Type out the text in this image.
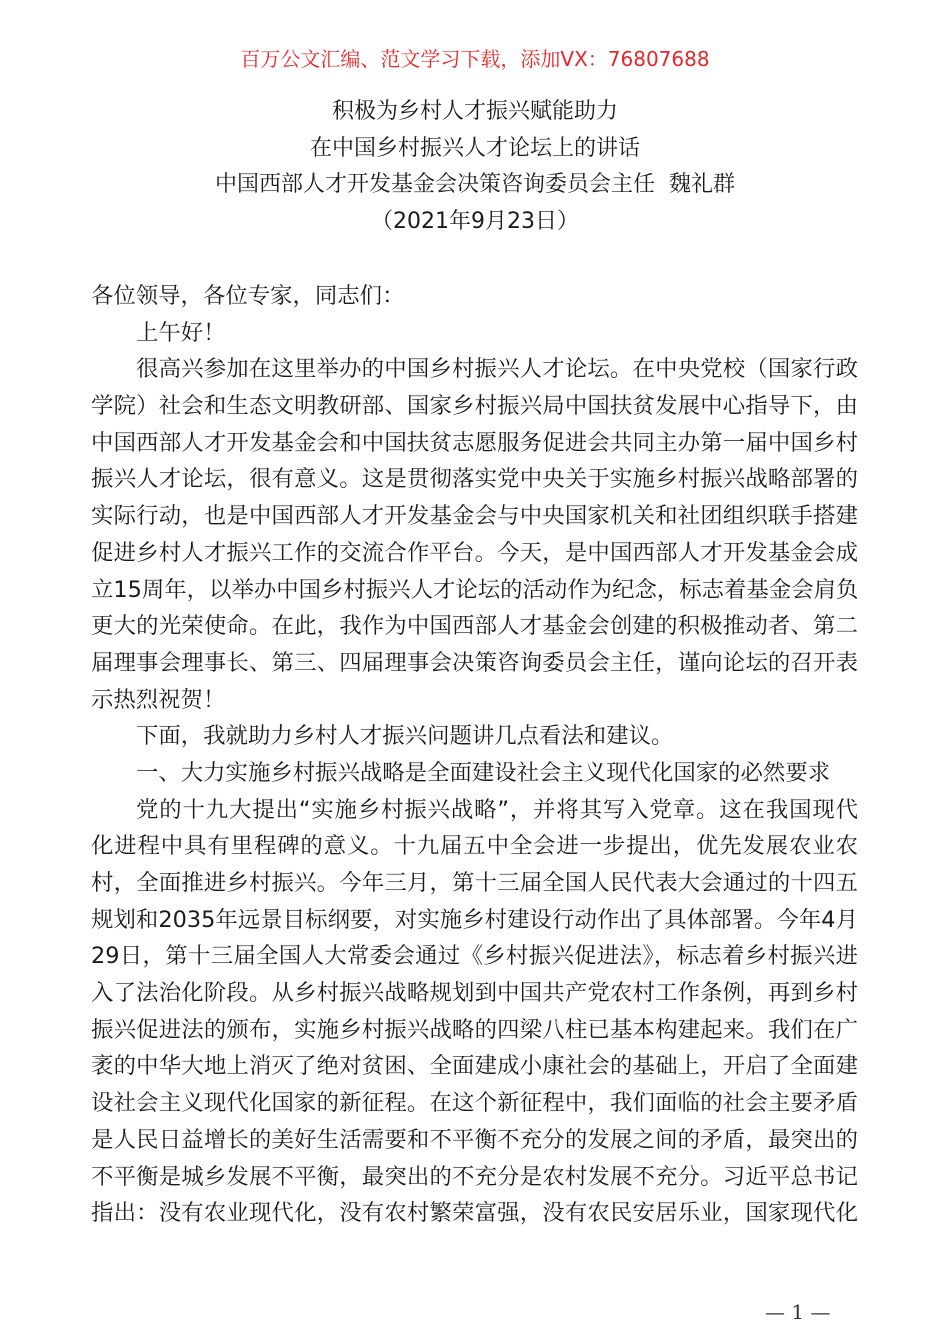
百万公文汇编、范文学习下载，添加VX：76807688
积极为乡村人才振兴赋能助力
在中国乡村振兴人才论坛上的讲话
中国西部人才开发基金会决策咨询委员会主任  魏礼群
（2021年9月23日）
各位领导，各位专家，同志们：
上午好！
很高兴参加在这里举办的中国乡村振兴人才论坛。在中央党校（国家行政
学院）社会和生态文明教研部、国家乡村振兴局中国扶贫发展中心指导下，由
中国西部人才开发基金会和中国扶贫志愿服务促进会共同主办第一届中国乡村
振兴人才论坛，很有意义。这是贯彻落实党中央关于实施乡村振兴战略部署的
实际行动，也是中国西部人才开发基金会与中央国家机关和社团组织联手搭建
促进乡村人才振兴工作的交流合作平台。今天，是中国西部人才开发基金会成
立15周年，以举办中国乡村振兴人才论坛的活动作为纪念，标志着基金会肩负
更大的光荣使命。在此，我作为中国西部人才基金会创建的积极推动者、第二
届理事会理事长、第三、四届理事会决策咨询委员会主任，谨向论坛的召开表
示热烈祝贺！
下面，我就助力乡村人才振兴问题讲几点看法和建议。
一、大力实施乡村振兴战略是全面建设社会主义现代化国家的必然要求
党的十九大提出“实施乡村振兴战略”，并将其写入党章。这在我国现代
化进程中具有里程碑的意义。十九届五中全会进一步提出，优先发展农业农
村，全面推进乡村振兴。今年三月，第十三届全国人民代表大会通过的十四五
规划和2035年远景目标纲要，对实施乡村建设行动作出了具体部署。今年4月
29日，第十三届全国人大常委会通过《乡村振兴促进法》，标志着乡村振兴进
入了法治化阶段。从乡村振兴战略规划到中国共产党农村工作条例，再到乡村
振兴促进法的颁布，实施乡村振兴战略的四梁八柱已基本构建起来。我们在广
袤的中华大地上消灭了绝对贫困、全面建成小康社会的基础上，开启了全面建
设社会主义现代化国家的新征程。在这个新征程中，我们面临的社会主要矛盾
是人民日益增长的美好生活需要和不平衡不充分的发展之间的矛盾，最突出的
不平衡是城乡发展不平衡，最突出的不充分是农村发展不充分。习近平总书记
指出：没有农业现代化，没有农村繁荣富强，没有农民安居乐业，国家现代化
— 1 —
